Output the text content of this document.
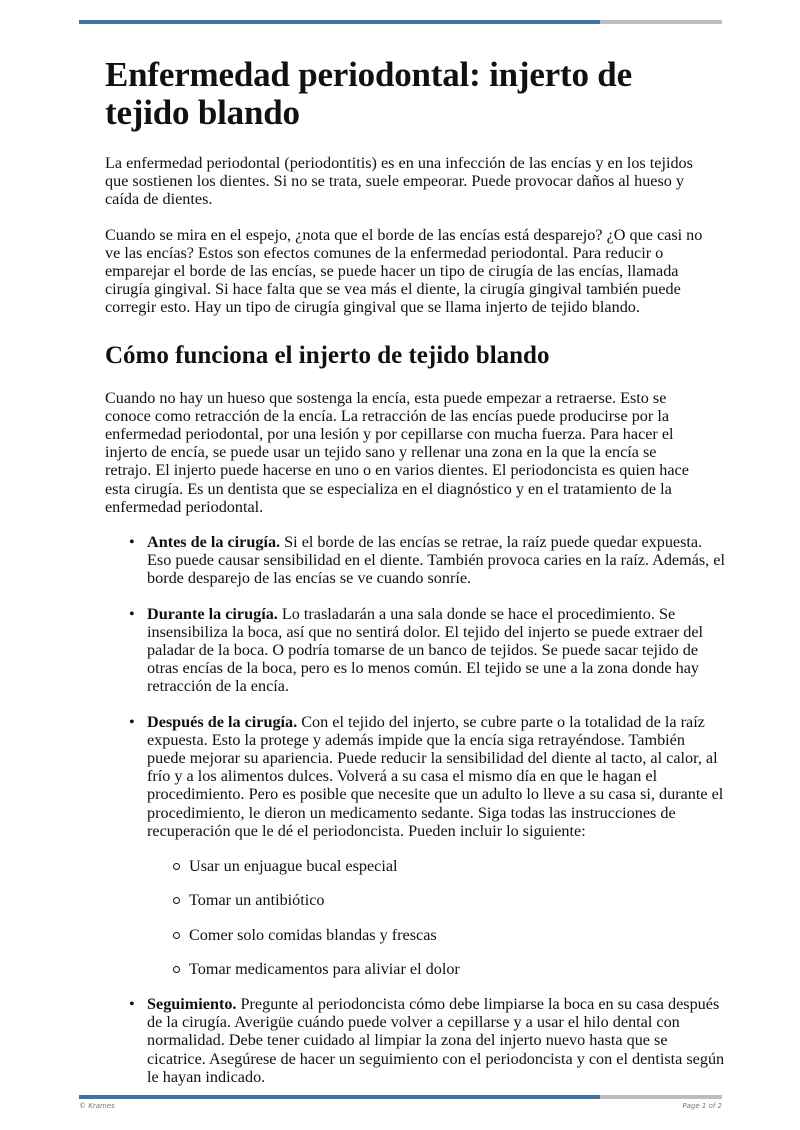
Enfermedad periodontal: injerto de tejido blando

La enfermedad periodontal (periodontitis) es en una infección de las encías y en los tejidos que sostienen los dientes. Si no se trata, suele empeorar. Puede provocar daños al hueso y caída de dientes.

Cuando se mira en el espejo, ¿nota que el borde de las encías está desparejo? ¿O que casi no ve las encías? Estos son efectos comunes de la enfermedad periodontal. Para reducir o emparejar el borde de las encías, se puede hacer un tipo de cirugía de las encías, llamada cirugía gingival. Si hace falta que se vea más el diente, la cirugía gingival también puede corregir esto. Hay un tipo de cirugía gingival que se llama injerto de tejido blando.

Cómo funciona el injerto de tejido blando

Cuando no hay un hueso que sostenga la encía, esta puede empezar a retraerse. Esto se conoce como retracción de la encía. La retracción de las encías puede producirse por la enfermedad periodontal, por una lesión y por cepillarse con mucha fuerza. Para hacer el injerto de encía, se puede usar un tejido sano y rellenar una zona en la que la encía se retrajo. El injerto puede hacerse en uno o en varios dientes. El periodoncista es quien hace esta cirugía. Es un dentista que se especializa en el diagnóstico y en el tratamiento de la enfermedad periodontal.

• Antes de la cirugía. Si el borde de las encías se retrae, la raíz puede quedar expuesta. Eso puede causar sensibilidad en el diente. También provoca caries en la raíz. Además, el borde desparejo de las encías se ve cuando sonríe.
• Durante la cirugía. Lo trasladarán a una sala donde se hace el procedimiento. Se insensibiliza la boca, así que no sentirá dolor. El tejido del injerto se puede extraer del paladar de la boca. O podría tomarse de un banco de tejidos. Se puede sacar tejido de otras encías de la boca, pero es lo menos común. El tejido se une a la zona donde hay retracción de la encía.
• Después de la cirugía. Con el tejido del injerto, se cubre parte o la totalidad de la raíz expuesta. Esto la protege y además impide que la encía siga retrayéndose. También puede mejorar su apariencia. Puede reducir la sensibilidad del diente al tacto, al calor, al frío y a los alimentos dulces. Volverá a su casa el mismo día en que le hagan el procedimiento. Pero es posible que necesite que un adulto lo lleve a su casa si, durante el procedimiento, le dieron un medicamento sedante. Siga todas las instrucciones de recuperación que le dé el periodoncista. Pueden incluir lo siguiente:
Usar un enjuague bucal especial
Tomar un antibiótico
Comer solo comidas blandas y frescas
Tomar medicamentos para aliviar el dolor
• Seguimiento. Pregunte al periodoncista cómo debe limpiarse la boca en su casa después de la cirugía. Averigüe cuándo puede volver a cepillarse y a usar el hilo dental con normalidad. Debe tener cuidado al limpiar la zona del injerto nuevo hasta que se cicatrice. Asegúrese de hacer un seguimiento con el periodoncista y con el dentista según le hayan indicado.
© Krames	Page 1 of 2
